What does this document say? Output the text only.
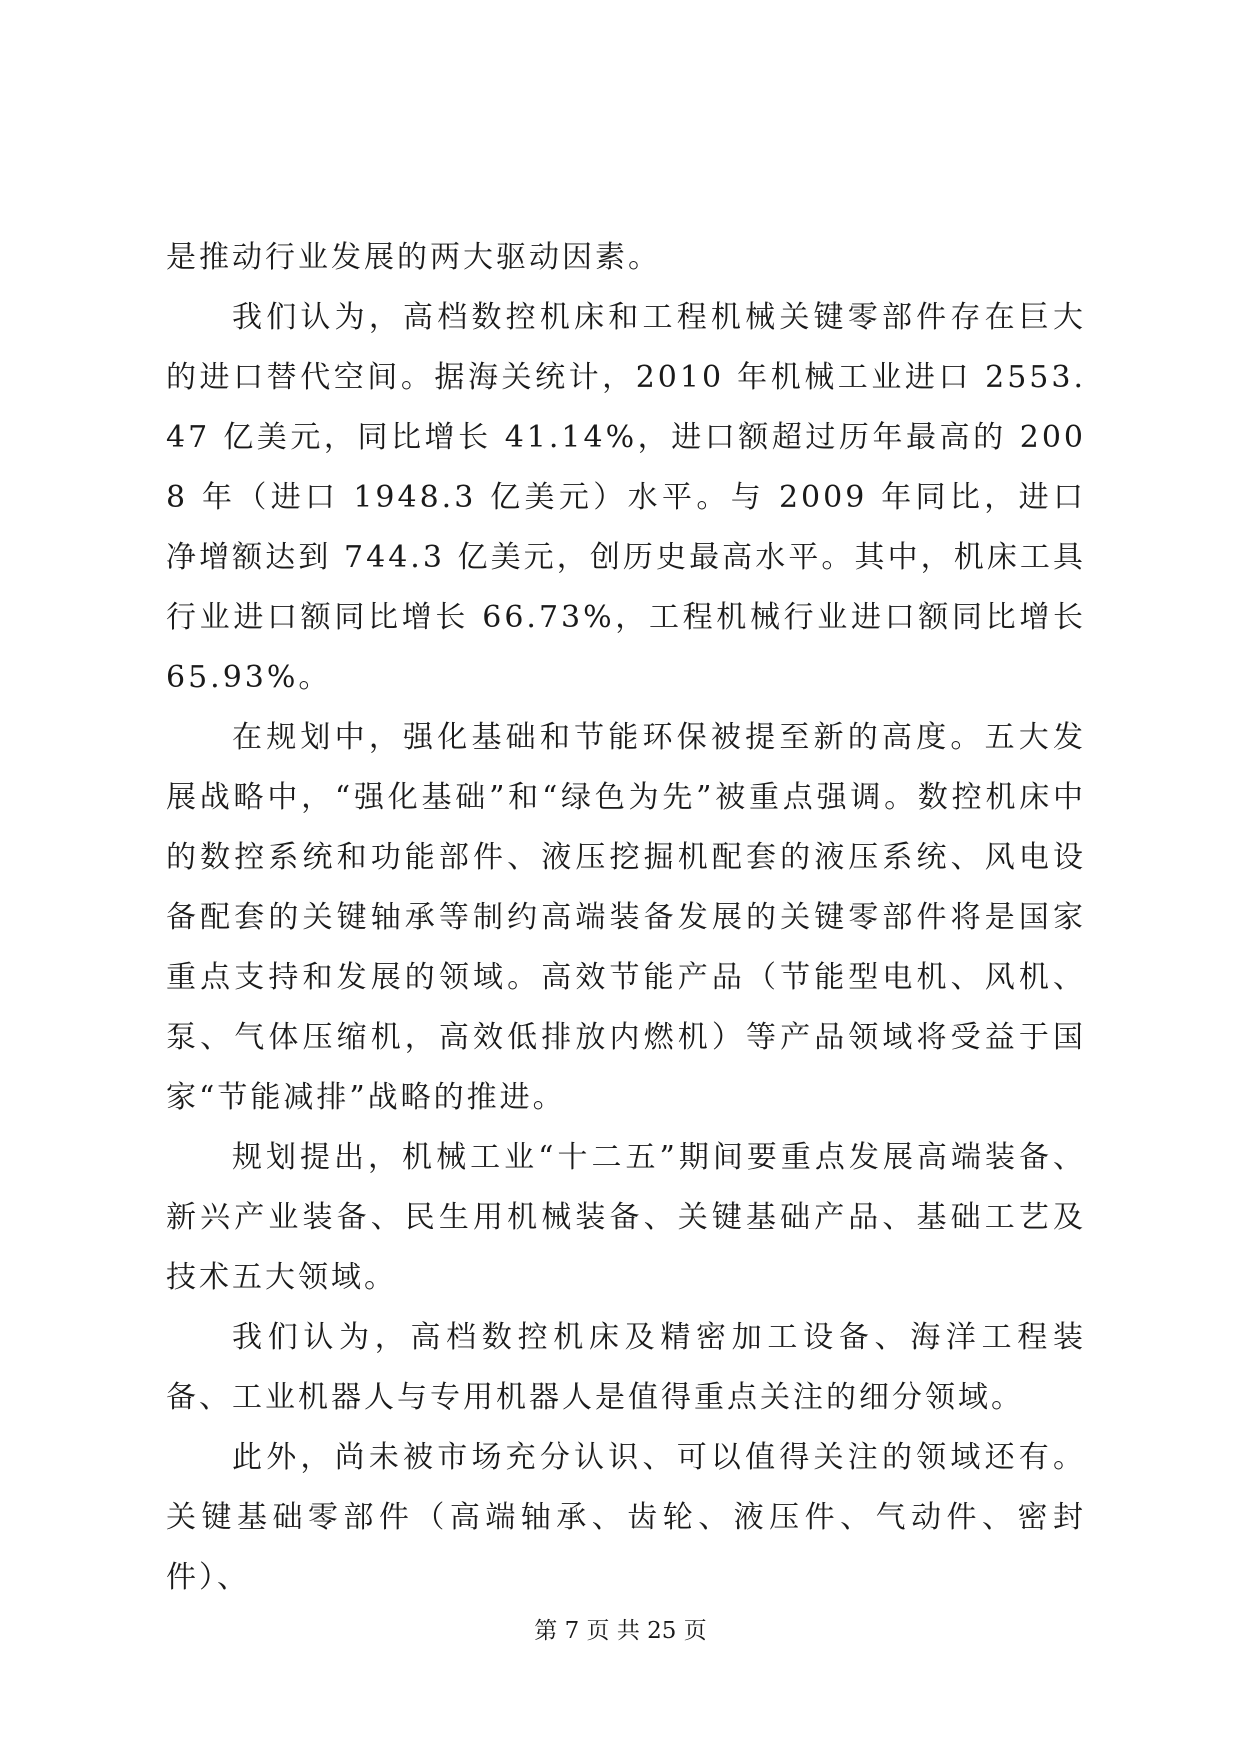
是推动行业发展的两大驱动因素。

我们认为，高档数控机床和工程机械关键零部件存在巨大的进口替代空间。据海关统计，2010 年机械工业进口 2553.47 亿美元，同比增长 41.14%，进口额超过历年最高的 2008 年（进口 1948.3 亿美元）水平。与 2009 年同比，进口净增额达到 744.3 亿美元，创历史最高水平。其中，机床工具行业进口额同比增长 66.73%，工程机械行业进口额同比增长 65.93%。

在规划中，强化基础和节能环保被提至新的高度。五大发展战略中，“强化基础”和“绿色为先”被重点强调。数控机床中的数控系统和功能部件、液压挖掘机配套的液压系统、风电设备配套的关键轴承等制约高端装备发展的关键零部件将是国家重点支持和发展的领域。高效节能产品（节能型电机、风机、泵、气体压缩机，高效低排放内燃机）等产品领域将受益于国家“节能减排”战略的推进。

规划提出，机械工业“十二五”期间要重点发展高端装备、新兴产业装备、民生用机械装备、关键基础产品、基础工艺及技术五大领域。

我们认为，高档数控机床及精密加工设备、海洋工程装备、工业机器人与专用机器人是值得重点关注的细分领域。

此外，尚未被市场充分认识、可以值得关注的领域还有。关键基础零部件（高端轴承、齿轮、液压件、气动件、密封件）、

第 7 页 共 25 页
